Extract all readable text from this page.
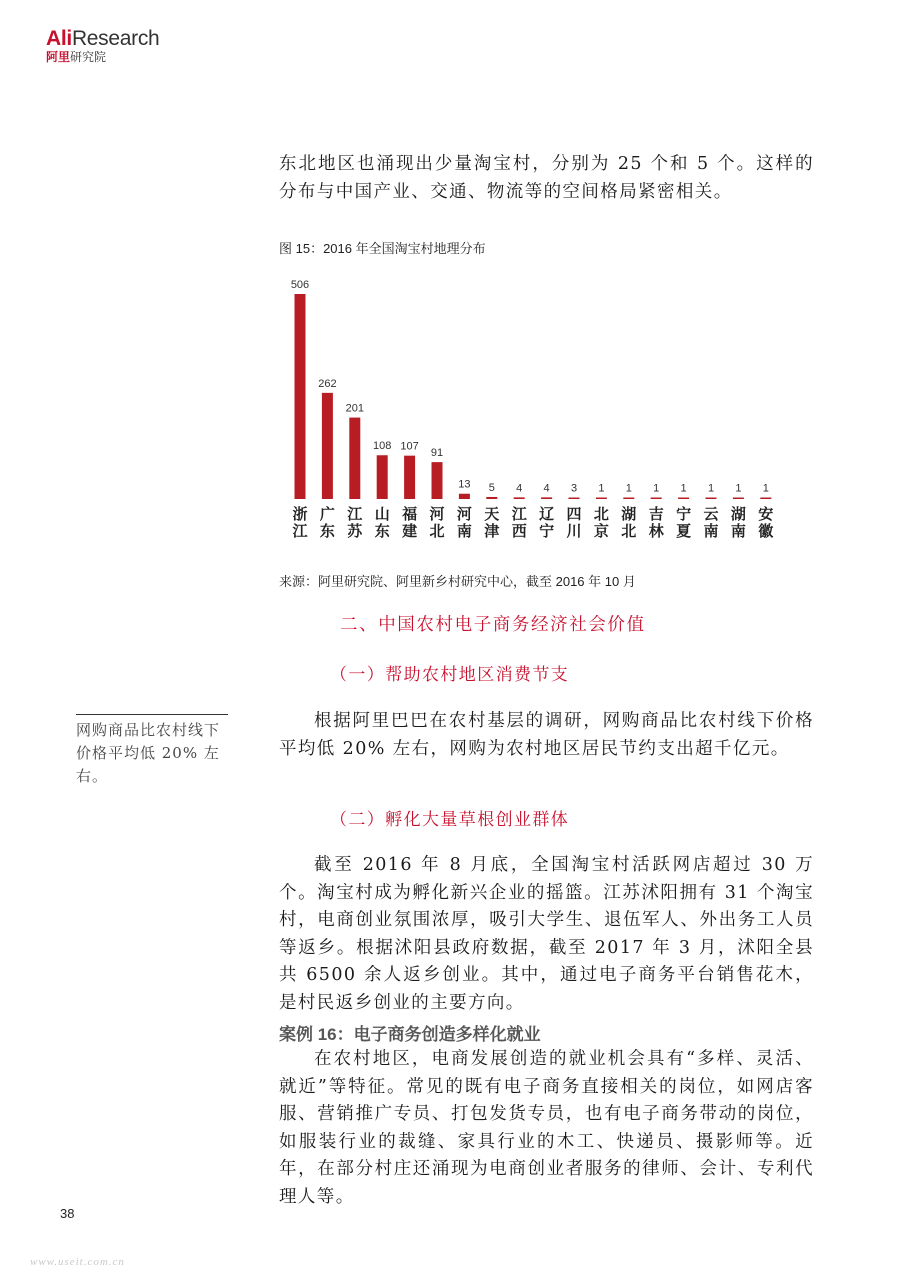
AliResearch
阿里研究院

东北地区也涌现出少量淘宝村，分别为 25 个和 5 个。这样的分布与中国产业、交通、物流等的空间格局紧密相关。

图 15：2016 年全国淘宝村地理分布
506
浙江
262
广东
201
江苏
108
山东
107
福建
91
河北
13
河南
5
天津
4
江西
4
辽宁
3
四川
1
北京
1
湖北
1
吉林
1
宁夏
1
云南
1
湖南
1
安徽
来源：阿里研究院、阿里新乡村研究中心，截至 2016 年 10 月
二、中国农村电子商务经济社会价值
（一）帮助农村地区消费节支
网购商品比农村线下价格平均低 20% 左右。

根据阿里巴巴在农村基层的调研，网购商品比农村线下价格平均低 20% 左右，网购为农村地区居民节约支出超千亿元。

（二）孵化大量草根创业群体

截至 2016 年 8 月底，全国淘宝村活跃网店超过 30 万个。淘宝村成为孵化新兴企业的摇篮。江苏沭阳拥有 31 个淘宝村，电商创业氛围浓厚，吸引大学生、退伍军人、外出务工人员等返乡。根据沭阳县政府数据，截至 2017 年 3 月，沭阳全县共 6500 余人返乡创业。其中，通过电子商务平台销售花木，是村民返乡创业的主要方向。

案例 16：电子商务创造多样化就业

在农村地区，电商发展创造的就业机会具有“多样、灵活、就近”等特征。常见的既有电子商务直接相关的岗位，如网店客服、营销推广专员、打包发货专员，也有电子商务带动的岗位，如服装行业的裁缝、家具行业的木工、快递员、摄影师等。近年，在部分村庄还涌现为电商创业者服务的律师、会计、专利代理人等。

38
www.useit.com.cn
